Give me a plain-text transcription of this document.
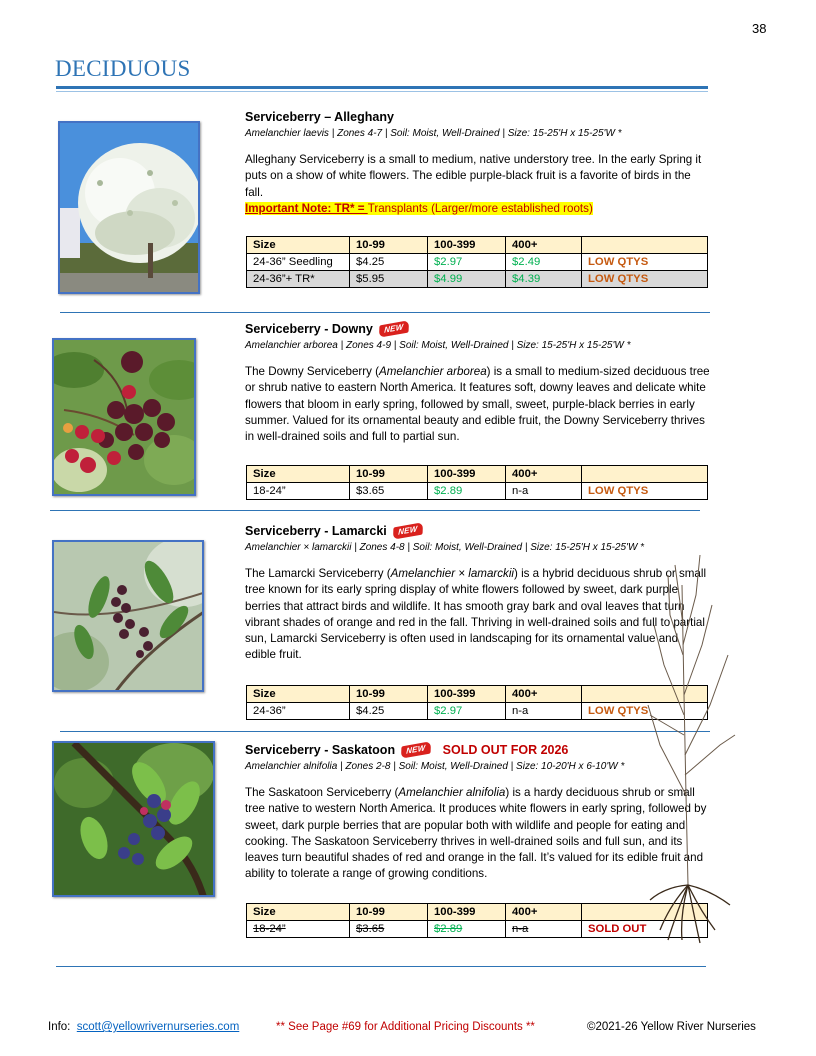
38
DECIDUOUS
Serviceberry – Alleghany
Amelanchier laevis | Zones 4-7 | Soil: Moist, Well-Drained | Size: 15-25'H x 15-25'W *
Alleghany Serviceberry is a small to medium, native understory tree. In the early Spring it puts on a show of white flowers. The edible purple-black fruit is a favorite of birds in the fall.
Important Note: TR* = Transplants (Larger/more established roots)
Size	10-99	100-399	400+	
24-36” Seedling	$4.25	$2.97	$2.49	LOW QTYS
24-36”+ TR*	$5.95	$4.99	$4.39	LOW QTYS
Serviceberry - Downy	NEW
Amelanchier arborea | Zones 4-9 | Soil: Moist, Well-Drained | Size: 15-25'H x 15-25'W *
The Downy Serviceberry (Amelanchier arborea) is a small to medium-sized deciduous tree or shrub native to eastern North America. It features soft, downy leaves and delicate white flowers that bloom in early spring, followed by small, sweet, purple-black berries in early summer. Valued for its ornamental beauty and edible fruit, the Downy Serviceberry thrives in well-drained soils and full to partial sun.
Size	10-99	100-399	400+	
18-24”	$3.65	$2.89	n-a	LOW QTYS
Serviceberry - Lamarcki	NEW
Amelanchier × lamarckii | Zones 4-8 | Soil: Moist, Well-Drained | Size: 15-25'H x 15-25'W *
The Lamarcki Serviceberry (Amelanchier × lamarckii) is a hybrid deciduous shrub or small tree known for its early spring display of white flowers followed by sweet, dark purple berries that attract birds and wildlife. It has smooth gray bark and oval leaves that turn vibrant shades of orange and red in the fall. Thriving in well-drained soils and full to partial sun, Lamarcki Serviceberry is often used in landscaping for its ornamental value and edible fruit.
Size	10-99	100-399	400+	
24-36”	$4.25	$2.97	n-a	LOW QTYS
Serviceberry - Saskatoon	NEW	SOLD OUT FOR 2026
Amelanchier alnifolia | Zones 2-8 | Soil: Moist, Well-Drained | Size: 10-20'H x 6-10'W *
The Saskatoon Serviceberry (Amelanchier alnifolia) is a hardy deciduous shrub or small tree native to western North America. It produces white flowers in early spring, followed by sweet, dark purple berries that are popular both with wildlife and people for eating and cooking. The Saskatoon Serviceberry thrives in well-drained soils and full sun, and its leaves turn beautiful shades of red and orange in the fall. It’s valued for its edible fruit and ability to tolerate a range of growing conditions.
Size	10-99	100-399	400+	
18-24”	$3.65	$2.89	n-a	SOLD OUT
Info: scott@yellowrivernurseries.com	** See Page #69 for Additional Pricing Discounts **	©2021-26 Yellow River Nurseries
